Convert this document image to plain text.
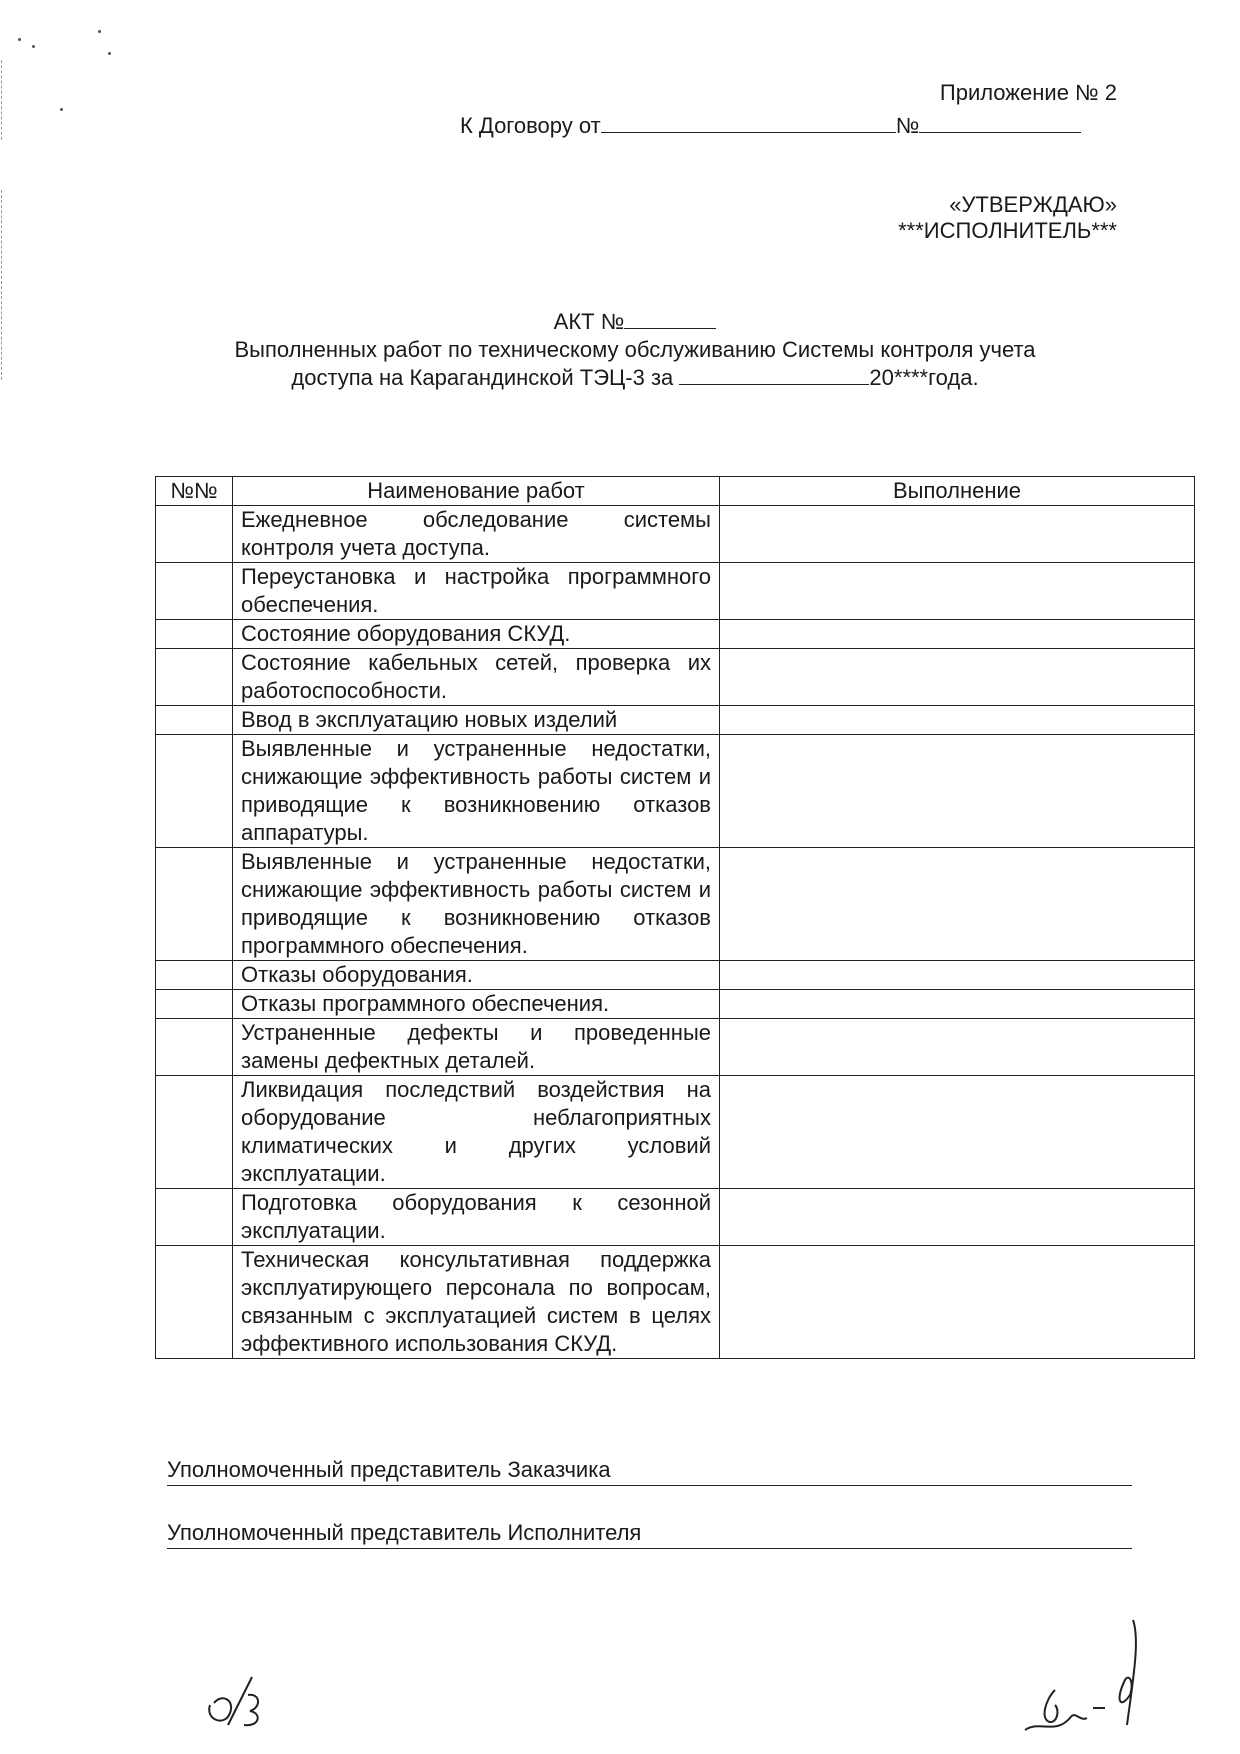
Приложение № 2
К Договору от	№
«УТВЕРЖДАЮ»
***ИСПОЛНИТЕЛЬ***
АКТ №
Выполненных работ по техническому обслуживанию Системы контроля учета
доступа на Карагандинской ТЭЦ-3 за	20****года.
№№	Наименование работ	Выполнение
	Ежедневное обследование системы контроля учета доступа.	
	Переустановка и настройка программного обеспечения.	
	Состояние оборудования СКУД.	
	Состояние кабельных сетей, проверка их работоспособности.	
	Ввод в эксплуатацию новых изделий	
	Выявленные и устраненные недостатки, снижающие эффективность работы систем и приводящие к возникновению отказов аппаратуры.	
	Выявленные и устраненные недостатки, снижающие эффективность работы систем и приводящие к возникновению отказов программного обеспечения.	
	Отказы оборудования.	
	Отказы программного обеспечения.	
	Устраненные дефекты и проведенные замены дефектных деталей.	
	Ликвидация последствий воздействия на оборудование неблагоприятных климатических и других условий эксплуатации.	
	Подготовка оборудования к сезонной эксплуатации.	
	Техническая консультативная поддержка эксплуатирующего персонала по вопросам, связанным с эксплуатацией систем в целях эффективного использования СКУД.	
Уполномоченный представитель Заказчика
Уполномоченный представитель Исполнителя
